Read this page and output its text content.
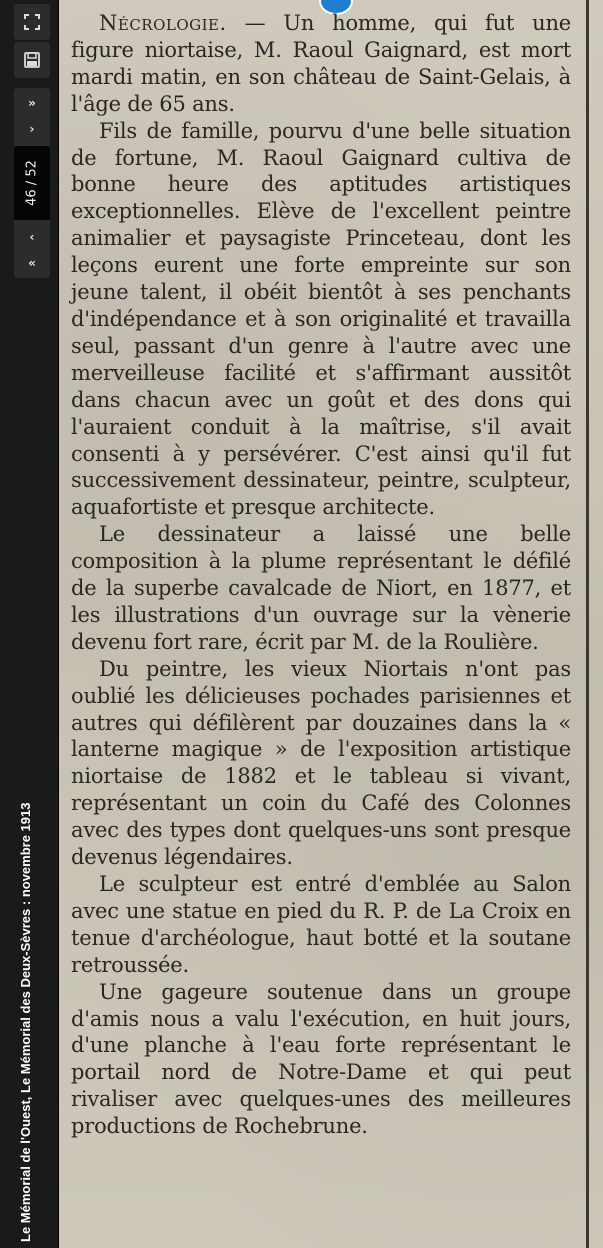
»
›
46 / 52
‹
«
Le Mémorial de l'Ouest, Le Mémorial des Deux-Sèvres : novembre 1913

Nécrologie. — Un homme, qui fut une figure niortaise, M. Raoul Gaignard, est mort mardi matin, en son château de Saint-Gelais, à l'âge de 65 ans.

Fils de famille, pourvu d'une belle situation de fortune, M. Raoul Gaignard cultiva de bonne heure des aptitudes artistiques exceptionnelles. Elève de l'excellent peintre animalier et paysagiste Princeteau, dont les leçons eurent une forte empreinte sur son jeune talent, il obéit bientôt à ses penchants d'indépendance et à son originalité et travailla seul, passant d'un genre à l'autre avec une merveilleuse facilité et s'affirmant aussitôt dans chacun avec un goût et des dons qui l'auraient conduit à la maîtrise, s'il avait consenti à y persévérer. C'est ainsi qu'il fut successivement dessinateur, peintre, sculpteur, aquafortiste et presque architecte.

Le dessinateur a laissé une belle composition à la plume représentant le défilé de la superbe cavalcade de Niort, en 1877, et les illustrations d'un ouvrage sur la vènerie devenu fort rare, écrit par M. de la Roulière.

Du peintre, les vieux Niortais n'ont pas oublié les délicieuses pochades parisiennes et autres qui défilèrent par douzaines dans la « lanterne magique » de l'exposition artistique niortaise de 1882 et le tableau si vivant, représentant un coin du Café des Colonnes avec des types dont quelques-uns sont presque devenus légendaires.

Le sculpteur est entré d'emblée au Salon avec une statue en pied du R. P. de La Croix en tenue d'archéologue, haut botté et la soutane retroussée.

Une gageure soutenue dans un groupe d'amis nous a valu l'exécution, en huit jours, d'une planche à l'eau forte représentant le portail nord de Notre-Dame et qui peut rivaliser avec quelques-unes des meilleures productions de Rochebrune.
